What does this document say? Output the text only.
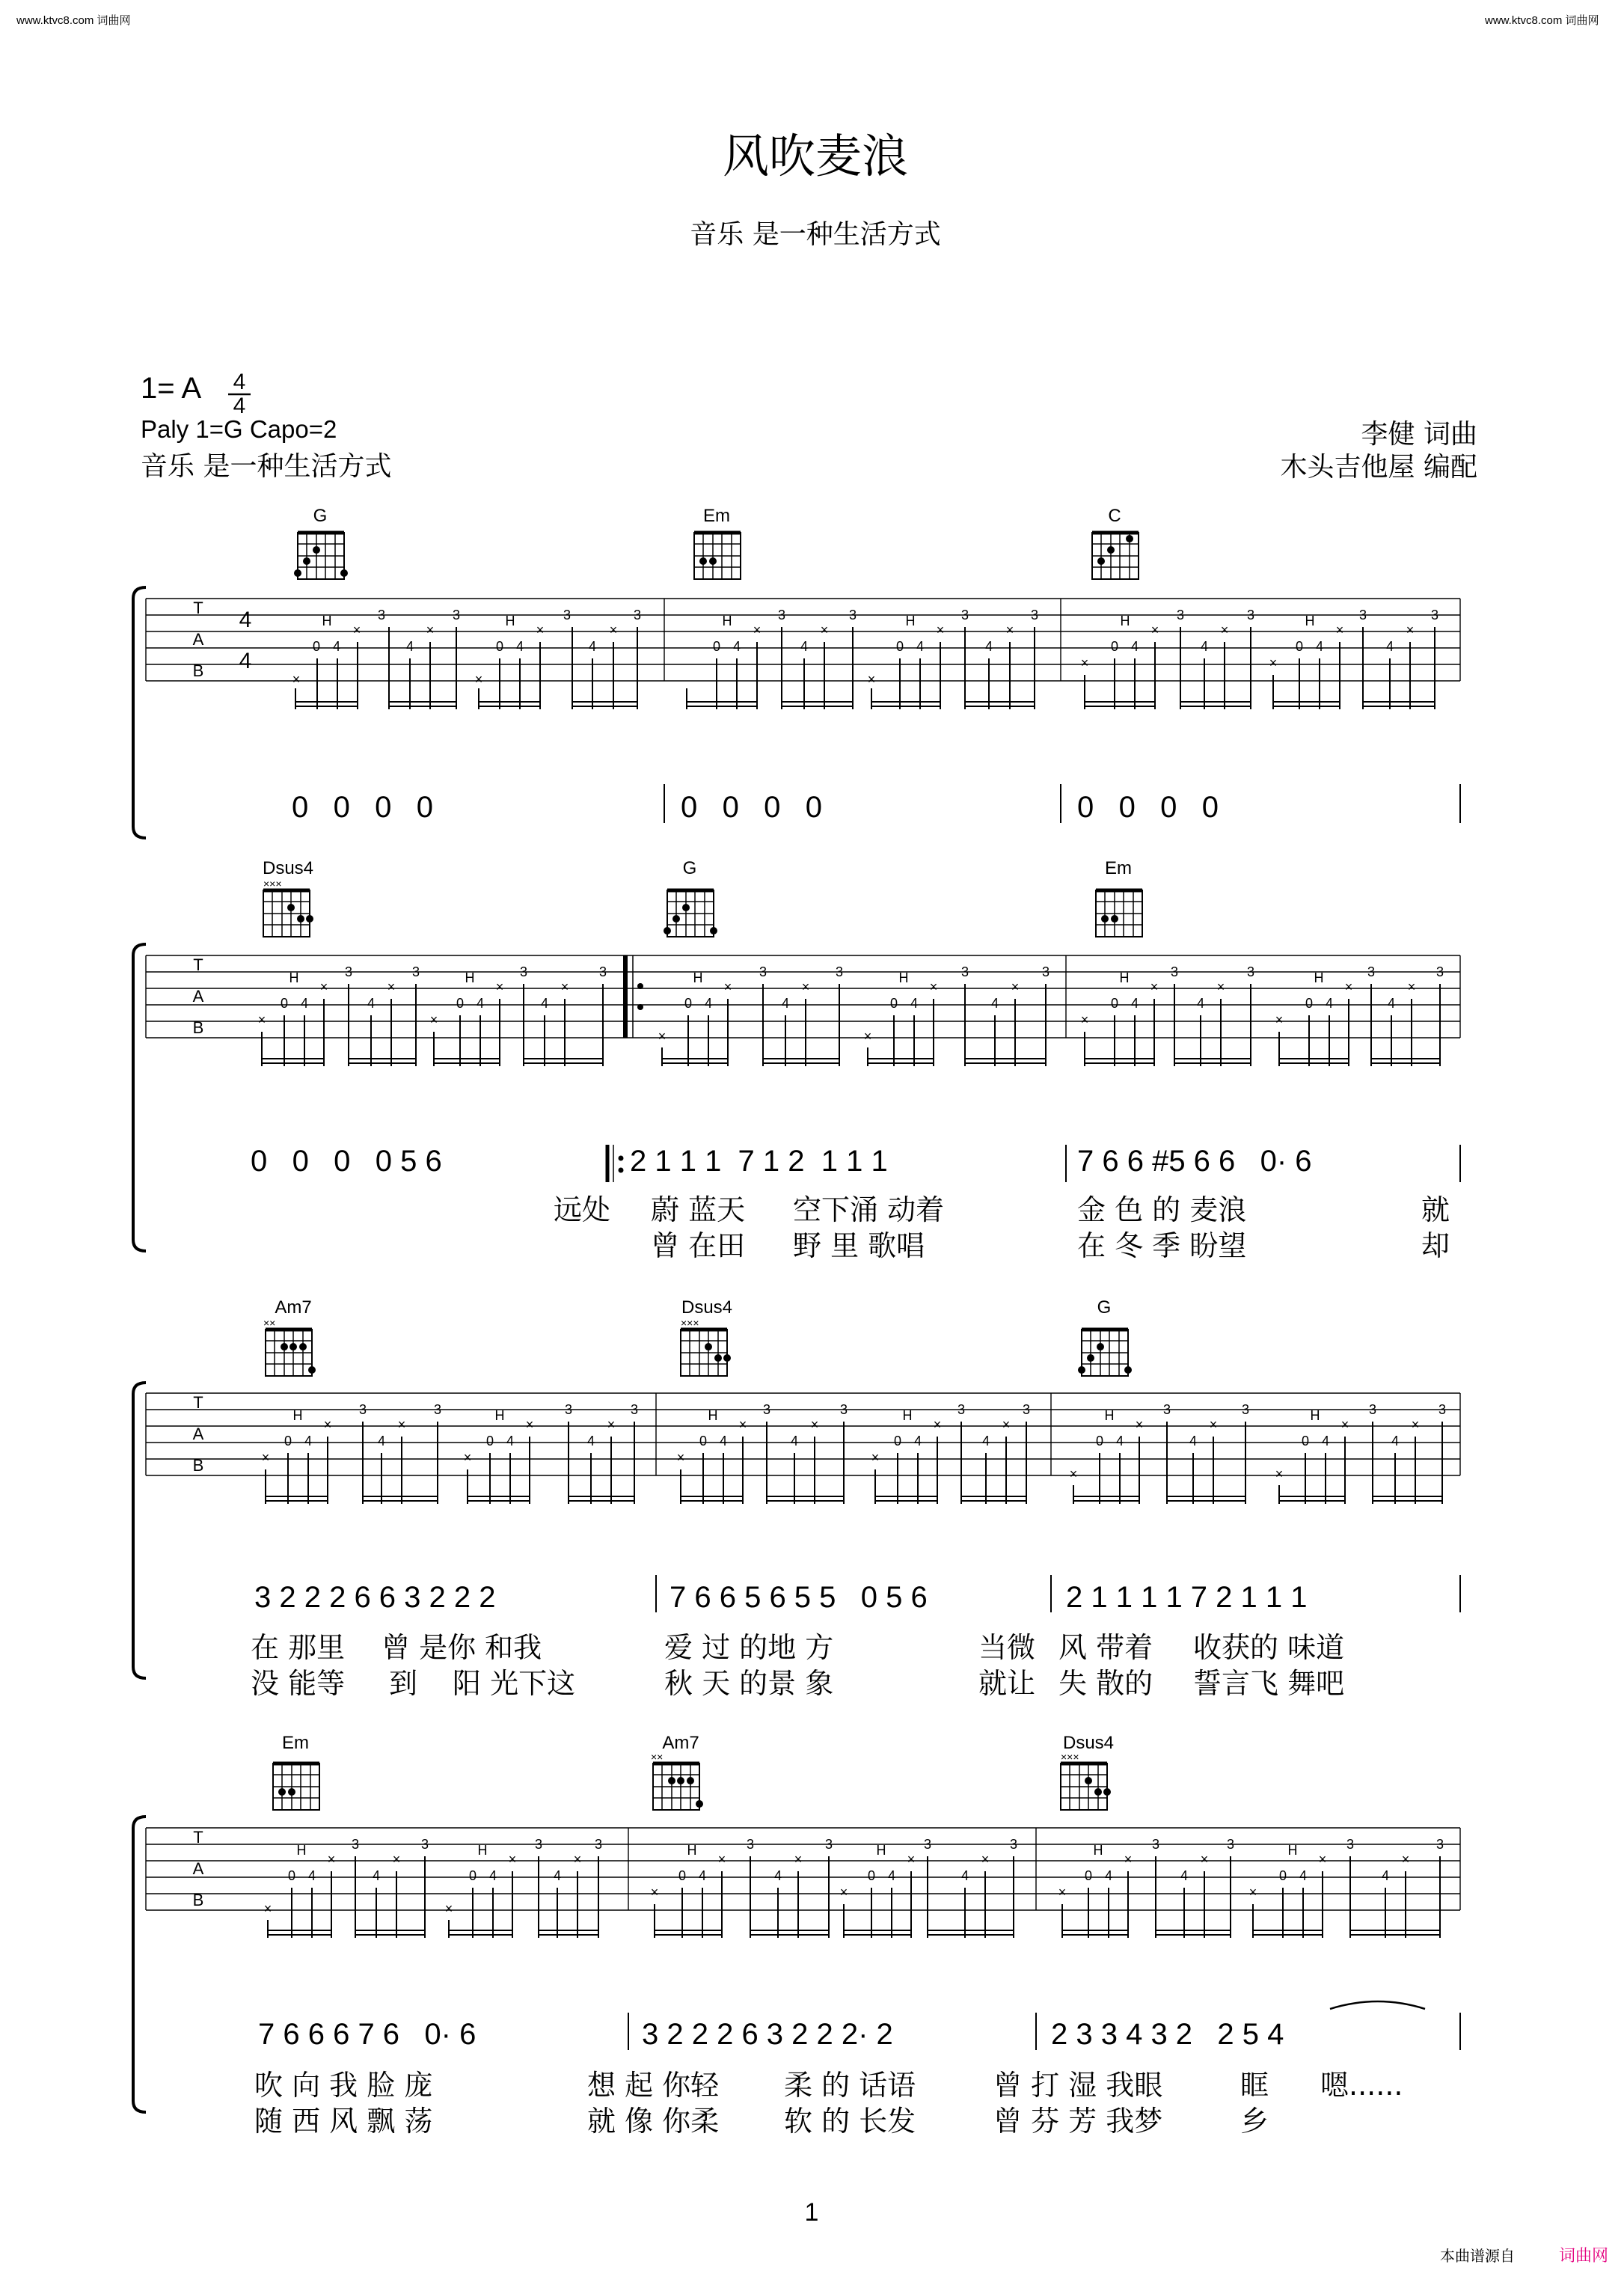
www.ktvc8.com 词曲网	www.ktvc8.com 词曲网
风吹麦浪
音乐 是一种生活方式
1= A 4
4
Paly 1=G Capo=2
音乐 是一种生活方式
李健 词曲
木头吉他屋 编配
G	Em	C
T
A
B
4
4
×
0 4
H
×
3
4
×
3
×
0 4
H
×
3
4
×
3
0 4
H
×
3
4
×
3
×
0 4
H
×
3
4
×
3
×
0 4
H
×
3
4
×
3
×
0 4
H
×
3
4
×
3
0   0   0   0	0   0   0   0	0   0   0   0
Dsus4
×××
G	Em
T
A
B	×
0 4
H
×
3
4
×
3
×
0 4
H
×
3
4
×
3
×
0 4
H
×
3
4
×
3
×
0 4
H
×
3
4
×
3
×
0 4
H
×
3
4
×
3
×
0 4
H
×
3
4
×
3
0   0   0   0 5 6	2 1 1 1  7 1 2  1 1 1	7 6 6 #5 6 6   0· 6
远处 蔚 蓝天 空下涌 动着	金 色 的 麦浪	就
曾 在田 野 里 歌唱	在 冬 季 盼望	却
Am7
××
Dsus4
×××
G
T
A
B	×
0 4
H
×
3
4
×
3
×
0 4
H
×
3
4
×
3
×
0 4
H
×
3
4
×
3
×
0 4
H
×
3
4
×
3
×
0 4
H
×
3
4
×
3
×
0 4
H
×
3
4
×
3
3 2 2 2 6 6 3 2 2 2	7 6 6 5 6 5 5   0 5 6	2 1 1 1 1 7 2 1 1 1
在 那里 曾 是你 和我	爱 过 的地 方	当微 风 带着 收获的 味道
没 能等 到 阳 光下这	秋 天 的景 象	就让 失 散的 誓言飞 舞吧
Em	Am7
××
Dsus4
×××
T
A
B	×
0 4
H
×
3
4
×
3
×
0 4
H
×
3
4
×
3
×
0 4
H
×
3
4
×
3
×
0 4
H
×
3
4
×
3
×
0 4
H
×
3
4
×
3
×
0 4
H
×
3
4
×
3
7 6 6 6 7 6   0· 6	3 2 2 2 6 3 2 2 2· 2	2 3 3 4 3 2   2 5 4
吹 向 我 脸 庞	想 起 你轻 柔 的 话语	曾 打 湿 我眼	眶 嗯......
随 西 风 飘 荡	就 像 你柔 软 的 长发	曾 芬 芳 我梦	乡
1
本曲谱源自	词曲网
